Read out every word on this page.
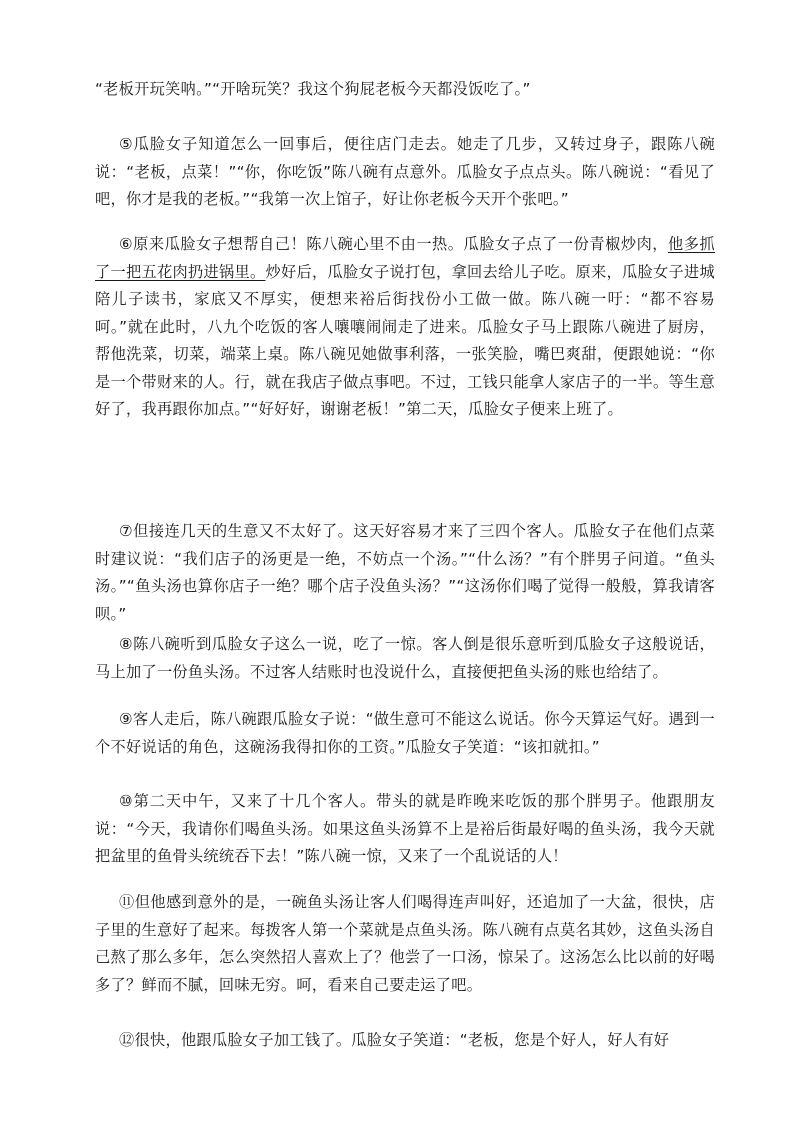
“老板开玩笑呐。”“开啥玩笑？我这个狗屁老板今天都没饭吃了。”

⑤瓜脸女子知道怎么一回事后，便往店门走去。她走了几步，又转过身子，跟陈八碗说：“老板，点菜！”“你，你吃饭”陈八碗有点意外。瓜脸女子点点头。陈八碗说：“看见了吧，你才是我的老板。”“我第一次上馆子，好让你老板今天开个张吧。”

⑥原来瓜脸女子想帮自己！陈八碗心里不由一热。瓜脸女子点了一份青椒炒肉，他多抓了一把五花肉扔进锅里。炒好后，瓜脸女子说打包，拿回去给儿子吃。原来，瓜脸女子进城陪儿子读书，家底又不厚实，便想来裕后街找份小工做一做。陈八碗一吁：“都不容易呵。”就在此时，八九个吃饭的客人嚷嚷闹闹走了进来。瓜脸女子马上跟陈八碗进了厨房，帮他洗菜，切菜，端菜上桌。陈八碗见她做事利落，一张笑脸，嘴巴爽甜，便跟她说：“你是一个带财来的人。行，就在我店子做点事吧。不过，工钱只能拿人家店子的一半。等生意好了，我再跟你加点。”“好好好，谢谢老板！”第二天，瓜脸女子便来上班了。

⑦但接连几天的生意又不太好了。这天好容易才来了三四个客人。瓜脸女子在他们点菜时建议说：“我们店子的汤更是一绝，不妨点一个汤。”“什么汤？”有个胖男子问道。“鱼头汤。”“鱼头汤也算你店子一绝？哪个店子没鱼头汤？”“这汤你们喝了觉得一般般，算我请客呗。”

⑧陈八碗听到瓜脸女子这么一说，吃了一惊。客人倒是很乐意听到瓜脸女子这般说话，马上加了一份鱼头汤。不过客人结账时也没说什么，直接便把鱼头汤的账也给结了。

⑨客人走后，陈八碗跟瓜脸女子说：“做生意可不能这么说话。你今天算运气好。遇到一个不好说话的角色，这碗汤我得扣你的工资。”瓜脸女子笑道：“该扣就扣。”

⑩第二天中午，又来了十几个客人。带头的就是昨晚来吃饭的那个胖男子。他跟朋友说：“今天，我请你们喝鱼头汤。如果这鱼头汤算不上是裕后街最好喝的鱼头汤，我今天就把盆里的鱼骨头统统吞下去！”陈八碗一惊，又来了一个乱说话的人！

⑪但他感到意外的是，一碗鱼头汤让客人们喝得连声叫好，还追加了一大盆，很快，店子里的生意好了起来。每拨客人第一个菜就是点鱼头汤。陈八碗有点莫名其妙，这鱼头汤自己熬了那么多年，怎么突然招人喜欢上了？他尝了一口汤，惊呆了。这汤怎么比以前的好喝多了？鲜而不腻，回味无穷。呵，看来自己要走运了吧。

⑫很快，他跟瓜脸女子加工钱了。瓜脸女子笑道：“老板，您是个好人，好人有好
